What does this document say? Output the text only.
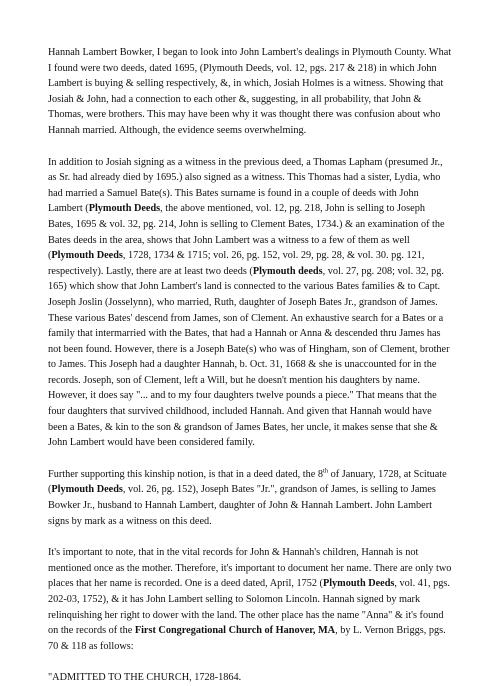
Hannah Lambert Bowker, I began to look into John Lambert's dealings in Plymouth County. What I found were two deeds, dated 1695, (Plymouth Deeds, vol. 12, pgs. 217 & 218) in which John Lambert is buying & selling respectively, &, in which, Josiah Holmes is a witness. Showing that Josiah & John, had a connection to each other &, suggesting, in all probability, that John & Thomas, were brothers. This may have been why it was thought there was confusion about who Hannah married. Although, the evidence seems overwhelming.

In addition to Josiah signing as a witness in the previous deed, a Thomas Lapham (presumed Jr., as Sr. had already died by 1695.) also signed as a witness. This Thomas had a sister, Lydia, who had married a Samuel Bate(s). This Bates surname is found in a couple of deeds with John Lambert (Plymouth Deeds, the above mentioned, vol. 12, pg. 218, John is selling to Joseph Bates, 1695 & vol. 32, pg. 214, John is selling to Clement Bates, 1734.) & an examination of the Bates deeds in the area, shows that John Lambert was a witness to a few of them as well (Plymouth Deeds, 1728, 1734 & 1715; vol. 26, pg. 152, vol. 29, pg. 28, & vol. 30. pg. 121, respectively). Lastly, there are at least two deeds (Plymouth deeds, vol. 27, pg. 208; vol. 32, pg. 165) which show that John Lambert's land is connected to the various Bates families & to Capt. Joseph Joslin (Josselynn), who married, Ruth, daughter of Joseph Bates Jr., grandson of James. These various Bates' descend from James, son of Clement. An exhaustive search for a Bates or a family that intermarried with the Bates, that had a Hannah or Anna & descended thru James has not been found. However, there is a Joseph Bate(s) who was of Hingham, son of Clement, brother to James. This Joseph had a daughter Hannah, b. Oct. 31, 1668 & she is unaccounted for in the records. Joseph, son of Clement, left a Will, but he doesn't mention his daughters by name. However, it does say "... and to my four daughters twelve pounds a piece." That means that the four daughters that survived childhood, included Hannah. And given that Hannah would have been a Bates, & kin to the son & grandson of James Bates, her uncle, it makes sense that she & John Lambert would have been considered family.

Further supporting this kinship notion, is that in a deed dated, the 8th of January, 1728, at Scituate (Plymouth Deeds, vol. 26, pg. 152), Joseph Bates "Jr.", grandson of James, is selling to James Bowker Jr., husband to Hannah Lambert, daughter of John & Hannah Lambert. John Lambert signs by mark as a witness on this deed.

It's important to note, that in the vital records for John & Hannah's children, Hannah is not mentioned once as the mother. Therefore, it's important to document her name. There are only two places that her name is recorded. One is a deed dated, April, 1752 (Plymouth Deeds, vol. 41, pgs. 202-03, 1752), & it has John Lambert selling to Solomon Lincoln. Hannah signed by mark relinquishing her right to dower with the land. The other place has the name "Anna" & it's found on the records of the First Congregational Church of Hanover, MA, by L. Vernon Briggs, pgs. 70 & 118 as follows:

"ADMITTED TO THE CHURCH, 1728-1864.
